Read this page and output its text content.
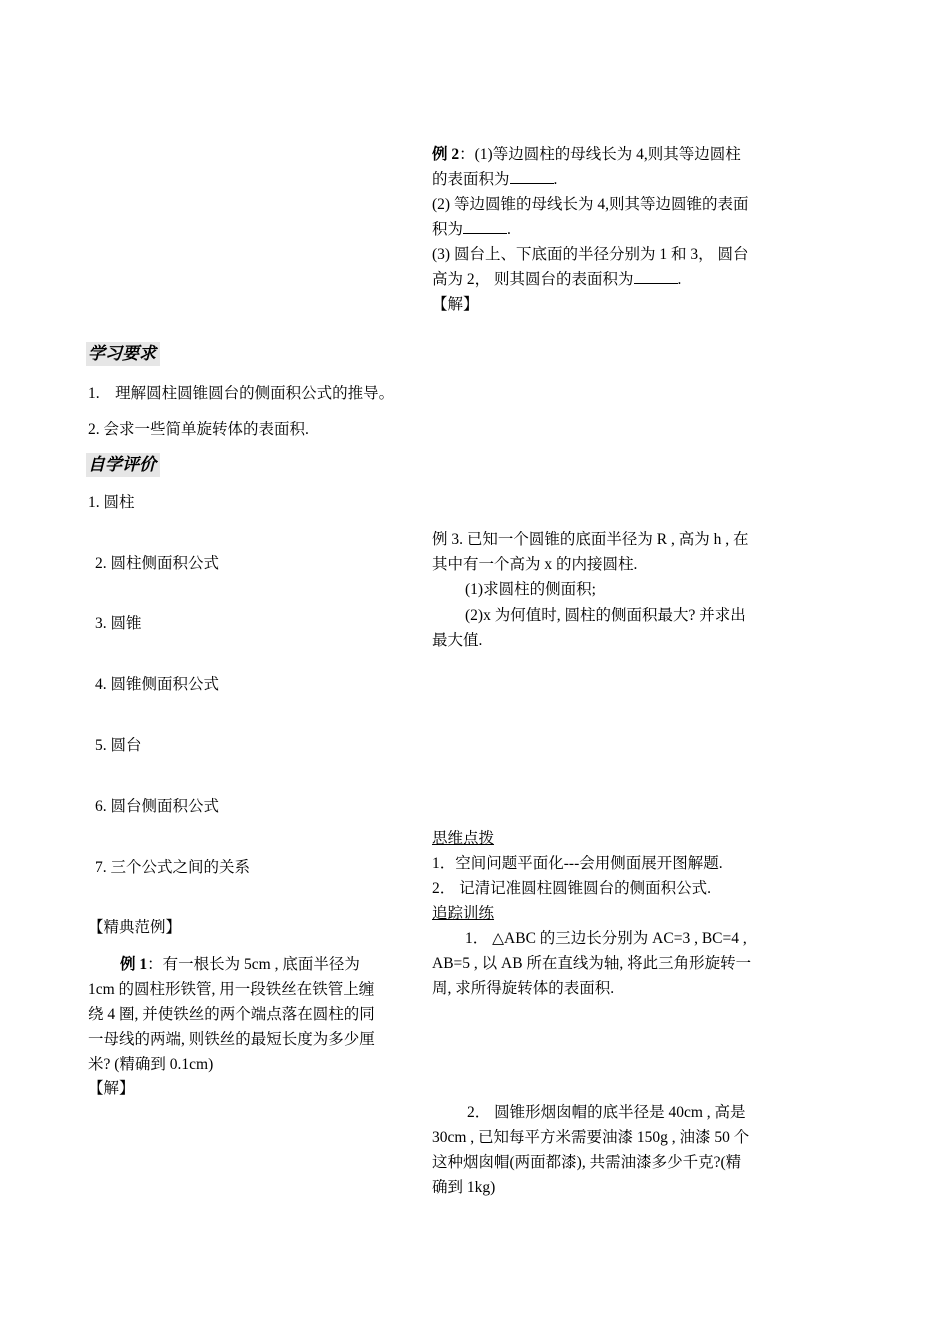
例 2：(1)等边圆柱的母线长为 4,则其等边圆柱
的表面积为	.
(2) 等边圆锥的母线长为 4,则其等边圆锥的表面
积为	.
(3) 圆台上、下底面的半径分别为 1 和 3， 圆台
高为 2， 则其圆台的表面积为	.
【解】
学习要求
1.　理解圆柱圆锥圆台的侧面积公式的推导。
2. 会求一些简单旋转体的表面积.
自学评价
1. 圆柱
2. 圆柱侧面积公式
3. 圆锥
4. 圆锥侧面积公式
5. 圆台
6. 圆台侧面积公式
7. 三个公式之间的关系
【精典范例】
例 1：有一根长为 5cm , 底面半径为
1cm 的圆柱形铁管, 用一段铁丝在铁管上缠
绕 4 圈, 并使铁丝的两个端点落在圆柱的同
一母线的两端, 则铁丝的最短长度为多少厘
米? (精确到 0.1cm)
【解】
例 3. 已知一个圆锥的底面半径为 R , 高为 h , 在
其中有一个高为 x 的内接圆柱.
(1)求圆柱的侧面积;
(2)x 为何值时, 圆柱的侧面积最大? 并求出
最大值.
思维点拨
1．空间问题平面化---会用侧面展开图解题.
2． 记清记准圆柱圆锥圆台的侧面积公式.
追踪训练
1． △ABC 的三边长分别为 AC=3 , BC=4 ,
AB=5 , 以 AB 所在直线为轴, 将此三角形旋转一
周, 求所得旋转体的表面积.
2． 圆锥形烟囱帽的底半径是 40cm , 高是
30cm , 已知每平方米需要油漆 150g , 油漆 50 个
这种烟囱帽(两面都漆), 共需油漆多少千克?(精
确到 1kg)
